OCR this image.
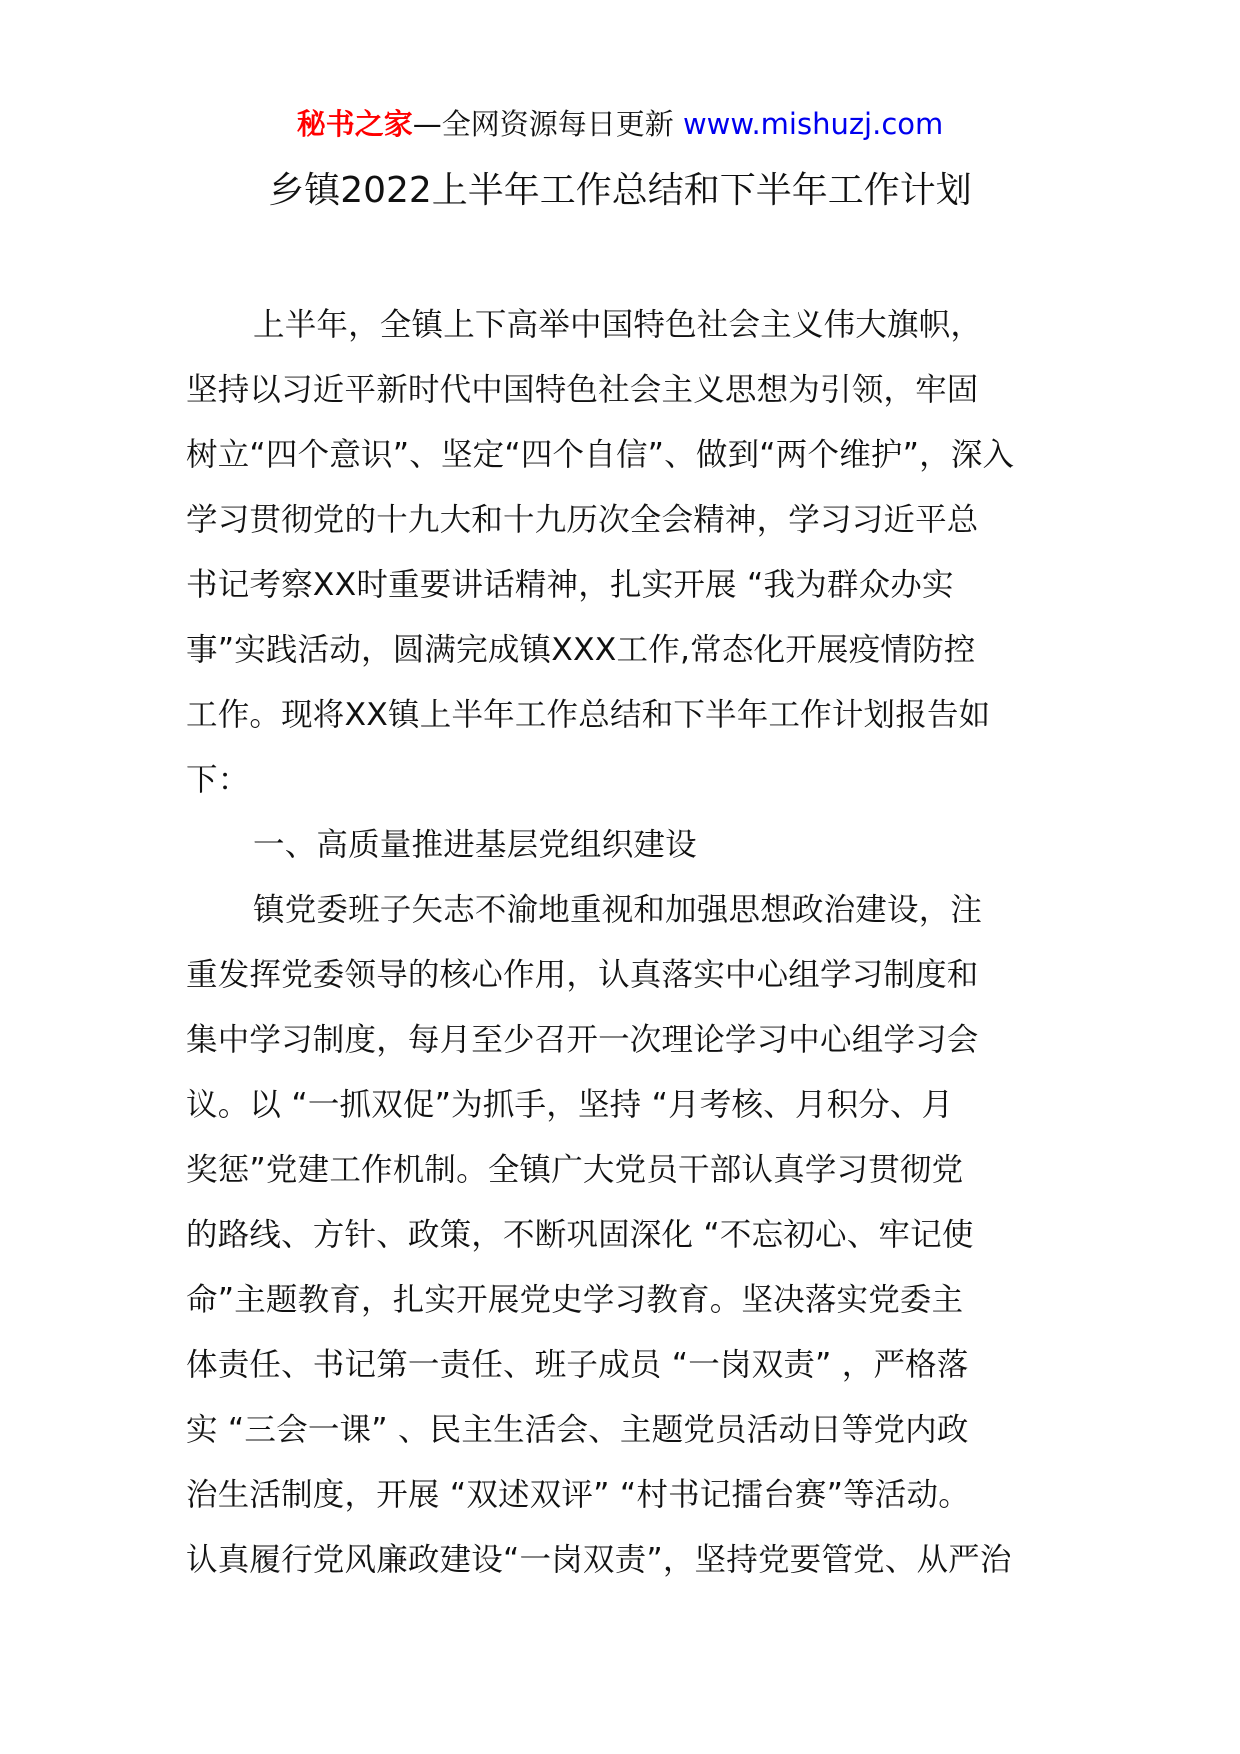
秘书之家—全网资源每日更新 www.mishuzj.com
乡镇2022上半年工作总结和下半年工作计划
上半年，全镇上下高举中国特色社会主义伟大旗帜，
坚持以习近平新时代中国特色社会主义思想为引领，牢固
树立“四个意识”、坚定“四个自信”、做到“两个维护”，深入
学习贯彻党的十九大和十九历次全会精神，学习习近平总
书记考察XX时重要讲话精神，扎实开展 “我为群众办实
事”实践活动，圆满完成镇XXX工作,常态化开展疫情防控
工作。现将XX镇上半年工作总结和下半年工作计划报告如
下：
一、高质量推进基层党组织建设
镇党委班子矢志不渝地重视和加强思想政治建设，注
重发挥党委领导的核心作用，认真落实中心组学习制度和
集中学习制度，每月至少召开一次理论学习中心组学习会
议。以 “一抓双促”为抓手，坚持 “月考核、月积分、月
奖惩”党建工作机制。全镇广大党员干部认真学习贯彻党
的路线、方针、政策，不断巩固深化 “不忘初心、牢记使
命”主题教育，扎实开展党史学习教育。坚决落实党委主
体责任、书记第一责任、班子成员 “一岗双责” ，严格落
实 “三会一课” 、民主生活会、主题党员活动日等党内政
治生活制度，开展 “双述双评” “村书记擂台赛”等活动。
认真履行党风廉政建设“一岗双责”，坚持党要管党、从严治
